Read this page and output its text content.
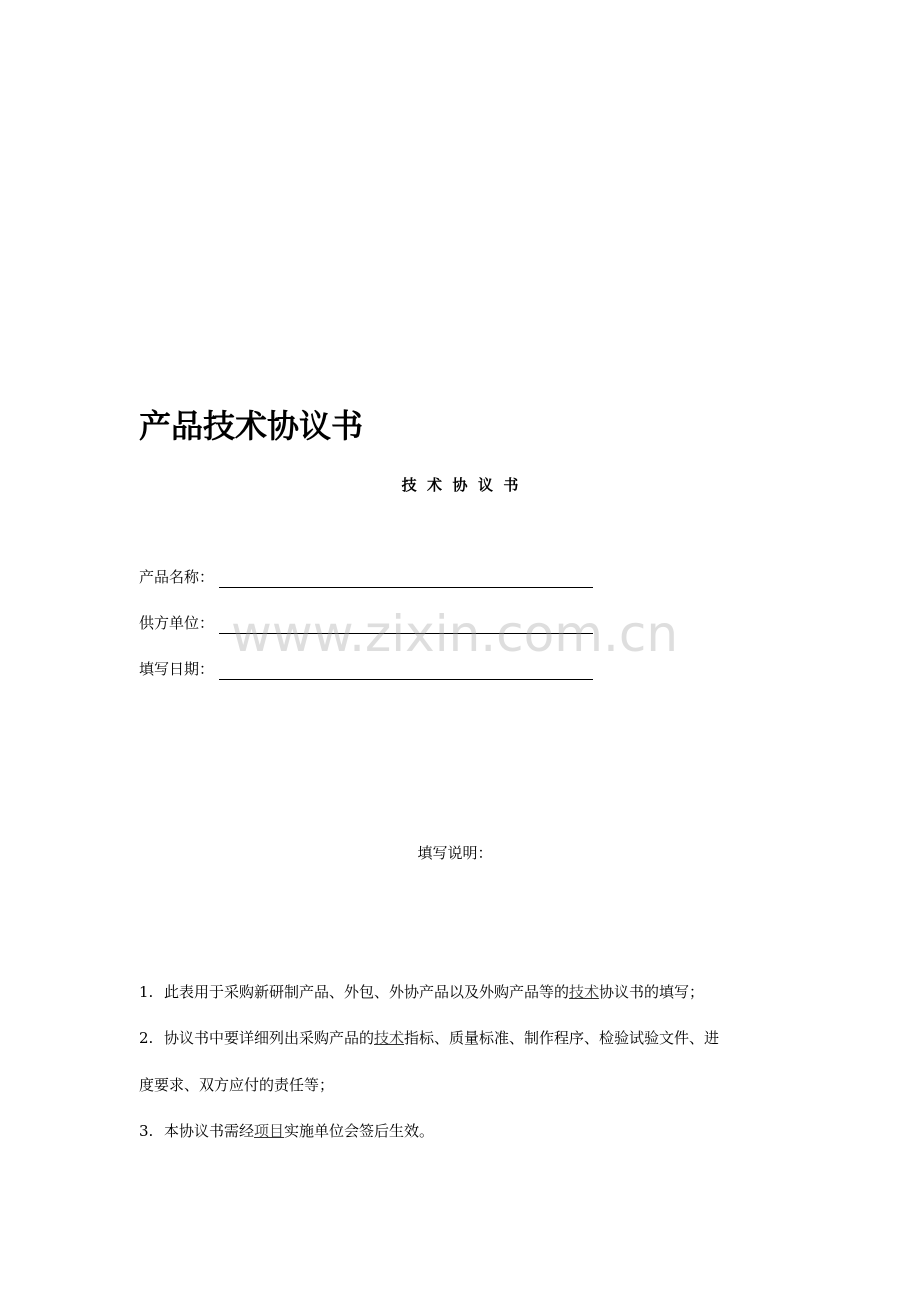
产品技术协议书
技  术  协  议  书
产品名称：
供方单位：
填写日期：
填写说明：
1. 此表用于采购新研制产品、外包、外协产品以及外购产品等的技术协议书的填写；
2. 协议书中要详细列出采购产品的技术指标、质量标准、制作程序、检验试验文件、进
度要求、双方应付的责任等；
3. 本协议书需经项目实施单位会签后生效。
www.zixin.com.cn
